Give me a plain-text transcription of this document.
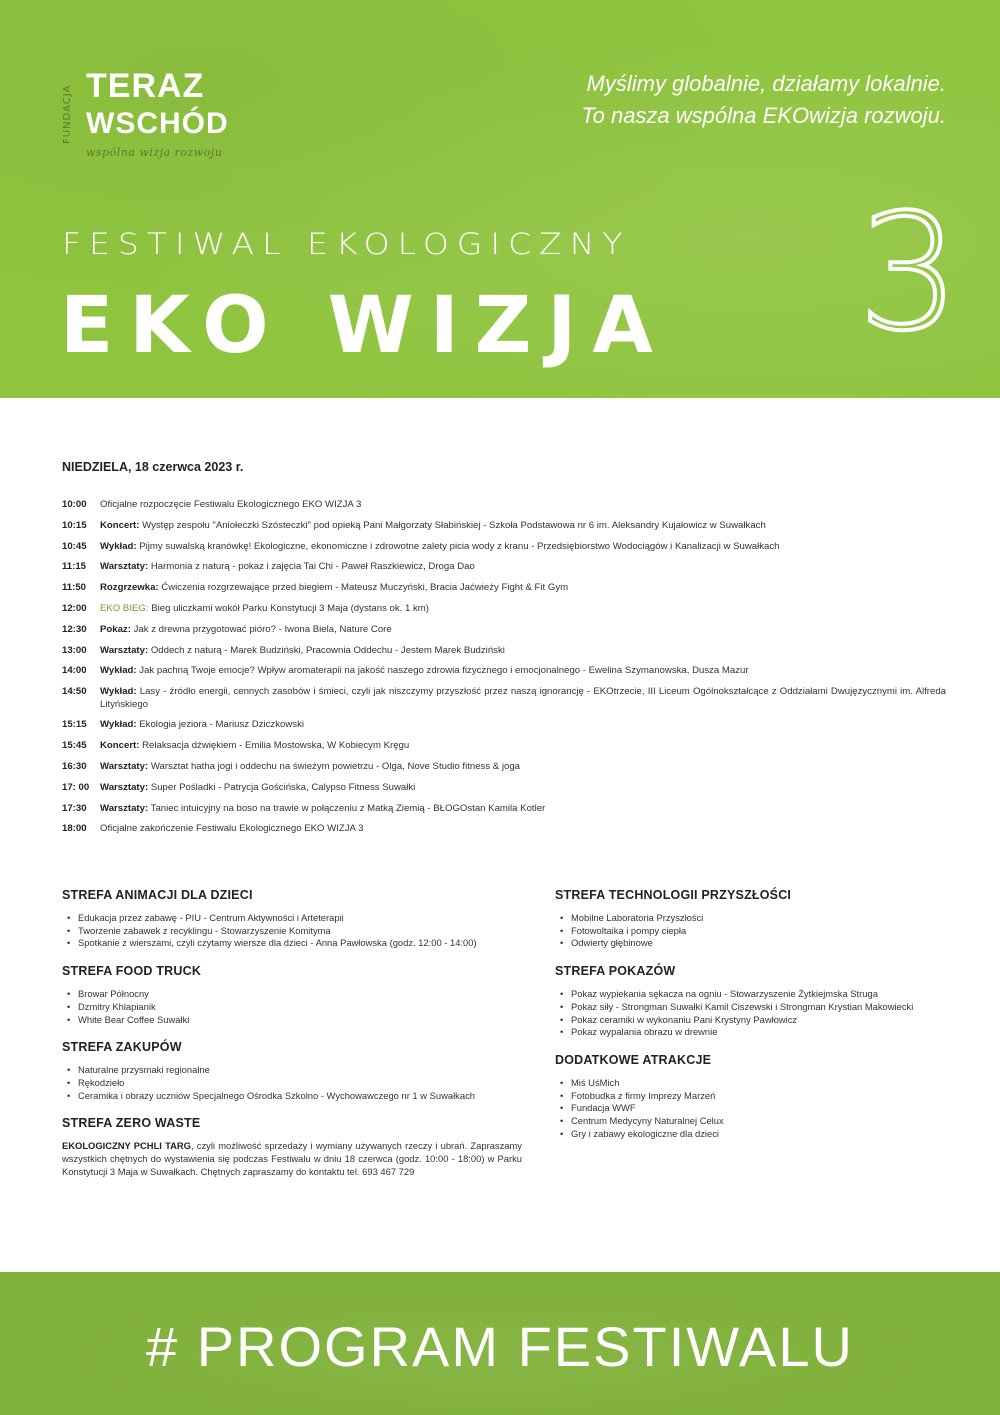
FUNDACJA TERAZ
WSCHÓD
wspólna wizja rozwoju
Myślimy globalnie, działamy lokalnie.
To nasza wspólna EKOwizja rozwoju.
FESTIWAL EKOLOGICZNY
EKO WIZJA	3
NIEDZIELA, 18 czerwca 2023 r.
10:00	Oficjalne rozpoczęcie Festiwalu Ekologicznego EKO WIZJA 3
10:15	Koncert: Występ zespołu "Aniołeczki Szósteczki" pod opieką Pani Małgorzaty Słabińskiej - Szkoła Podstawowa nr 6 im. Aleksandry Kujałowicz w Suwałkach
10:45	Wykład: Pijmy suwalską kranówkę! Ekologiczne, ekonomiczne i zdrowotne zalety picia wody z kranu - Przedsiębiorstwo Wodociągów i Kanalizacji w Suwałkach
11:15	Warsztaty: Harmonia z naturą - pokaz i zajęcia Tai Chi - Paweł Raszkiewicz, Droga Dao
11:50	Rozgrzewka: Ćwiczenia rozgrzewające przed biegiem - Mateusz Muczyński, Bracia Jaćwieży Fight & Fit Gym
12:00	EKO BIEG: Bieg uliczkami wokół Parku Konstytucji 3 Maja (dystans ok. 1 km)
12:30	Pokaz: Jak z drewna przygotować pióro? - Iwona Biela, Nature Core
13:00	Warsztaty: Oddech z naturą - Marek Budziński, Pracownia Oddechu - Jestem Marek Budziński
14:00	Wykład: Jak pachną Twoje emocje? Wpływ aromaterapii na jakość naszego zdrowia fizycznego i emocjonalnego - Ewelina Szymanowska, Dusza Mazur
14:50	Wykład: Lasy - źródło energii, cennych zasobów i śmieci, czyli jak niszczymy przyszłość przez naszą ignorancję - EKOtrzecie, III Liceum Ogólnokształcące z Oddziałami Dwujęzycznymi im. Alfreda Lityńskiego
15:15	Wykład: Ekologia jeziora - Mariusz Dziczkowski
15:45	Koncert: Relaksacja dźwiękiem - Emilia Mostowska, W Kobiecym Kręgu
16:30	Warsztaty: Warsztat hatha jogi i oddechu na świeżym powietrzu - Olga, Nove Studio fitness & joga
17: 00	Warsztaty: Super Pośladki - Patrycja Gościńska, Calypso Fitness Suwałki
17:30	Warsztaty: Taniec intuicyjny na boso na trawie w połączeniu z Matką Ziemią - BŁOGOstan Kamila Kotler
18:00	Oficjalne zakończenie Festiwalu Ekologicznego EKO WIZJA 3
STREFA ANIMACJI DLA DZIECI
• Edukacja przez zabawę - PIU - Centrum Aktywności i Arteterapii
• Tworzenie zabawek z recyklingu - Stowarzyszenie Komityma
• Spotkanie z wierszami, czyli czytamy wiersze dla dzieci - Anna Pawłowska (godz. 12:00 - 14:00)
STREFA FOOD TRUCK
• Browar Północny
• Dzmitry Khlapianik
• White Bear Coffee Suwałki
STREFA ZAKUPÓW
• Naturalne przysmaki regionalne
• Rękodzieło
• Ceramika i obrazy uczniów Specjalnego Ośrodka Szkolno - Wychowawczego nr 1 w Suwałkach
STREFA ZERO WASTE

EKOLOGICZNY PCHLI TARG, czyli możliwość sprzedaży i wymiany używanych rzeczy i ubrań. Zapraszamy wszystkich chętnych do wystawienia się podczas Festiwalu w dniu 18 czerwca (godz. 10:00 - 18:00) w Parku Konstytucji 3 Maja w Suwałkach. Chętnych zapraszamy do kontaktu tel. 693 467 729

STREFA TECHNOLOGII PRZYSZŁOŚCI
• Mobilne Laboratoria Przyszłości
• Fotowoltaika i pompy ciepła
• Odwierty głębinowe
STREFA POKAZÓW
• Pokaz wypiekania sękacza na ogniu - Stowarzyszenie Żytkiejmska Struga
• Pokaz siły - Strongman Suwałki Kamil Ciszewski i Strongman Krystian Makowiecki
• Pokaz ceramiki w wykonaniu Pani Krystyny Pawłowicz
• Pokaz wypalania obrazu w drewnie
DODATKOWE ATRAKCJE
• Miś UśMich
• Fotobudka z firmy Imprezy Marzeń
• Fundacja WWF
• Centrum Medycyny Naturalnej Celux
• Gry i zabawy ekologiczne dla dzieci
# PROGRAM FESTIWALU
